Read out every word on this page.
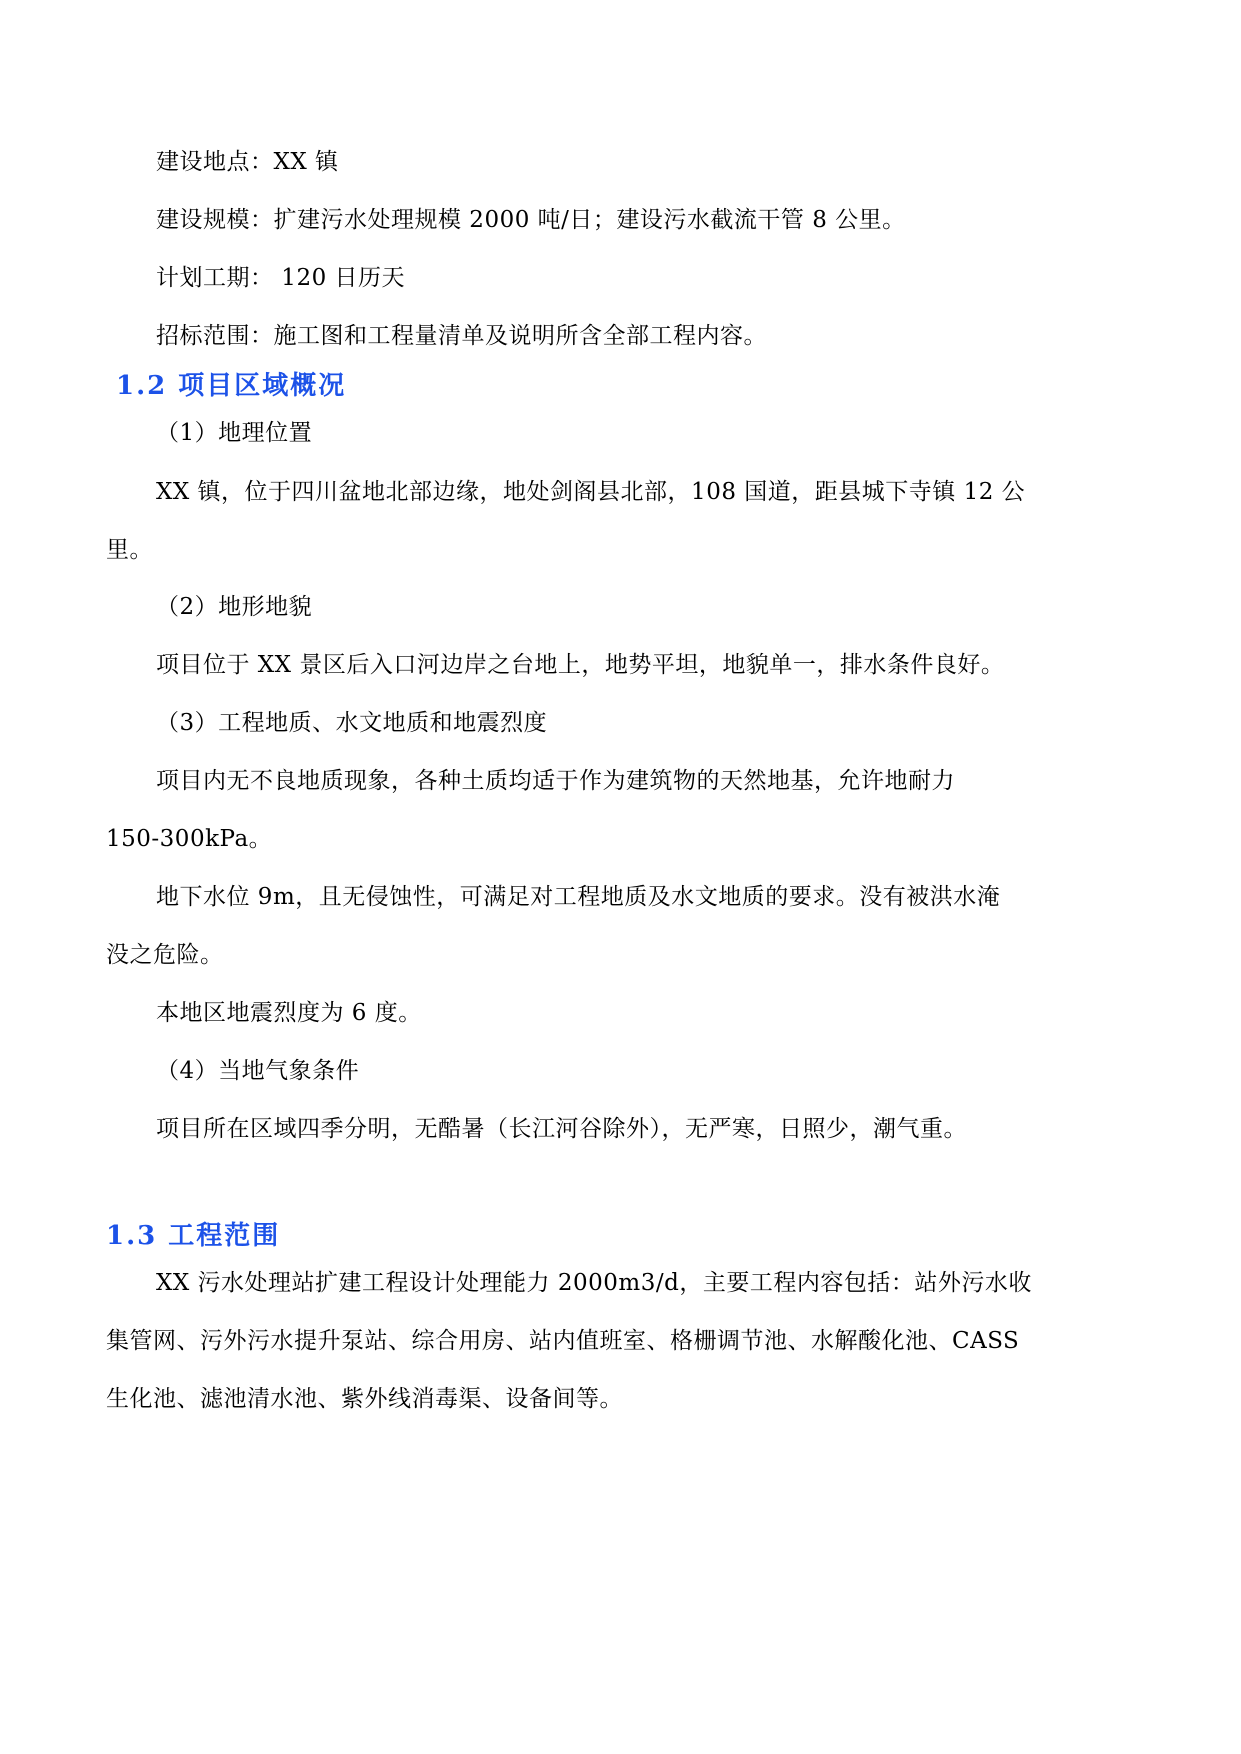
建设地点：XX 镇
建设规模：扩建污水处理规模 2000 吨/日；建设污水截流干管 8 公里。
计划工期： 120 日历天
招标范围：施工图和工程量清单及说明所含全部工程内容。
1.2 项目区域概况
（1）地理位置
XX 镇，位于四川盆地北部边缘，地处剑阁县北部，108 国道，距县城下寺镇 12 公
里。
（2）地形地貌
项目位于 XX 景区后入口河边岸之台地上，地势平坦，地貌单一，排水条件良好。
（3）工程地质、水文地质和地震烈度
项目内无不良地质现象，各种土质均适于作为建筑物的天然地基，允许地耐力
150-300kPa。
地下水位 9m，且无侵蚀性，可满足对工程地质及水文地质的要求。没有被洪水淹
没之危险。
本地区地震烈度为 6 度。
（4）当地气象条件
项目所在区域四季分明，无酷暑（长江河谷除外），无严寒，日照少，潮气重。
1.3 工程范围
XX 污水处理站扩建工程设计处理能力 2000m3/d，主要工程内容包括：站外污水收
集管网、污外污水提升泵站、综合用房、站内值班室、格栅调节池、水解酸化池、CASS
生化池、滤池清水池、紫外线消毒渠、设备间等。
